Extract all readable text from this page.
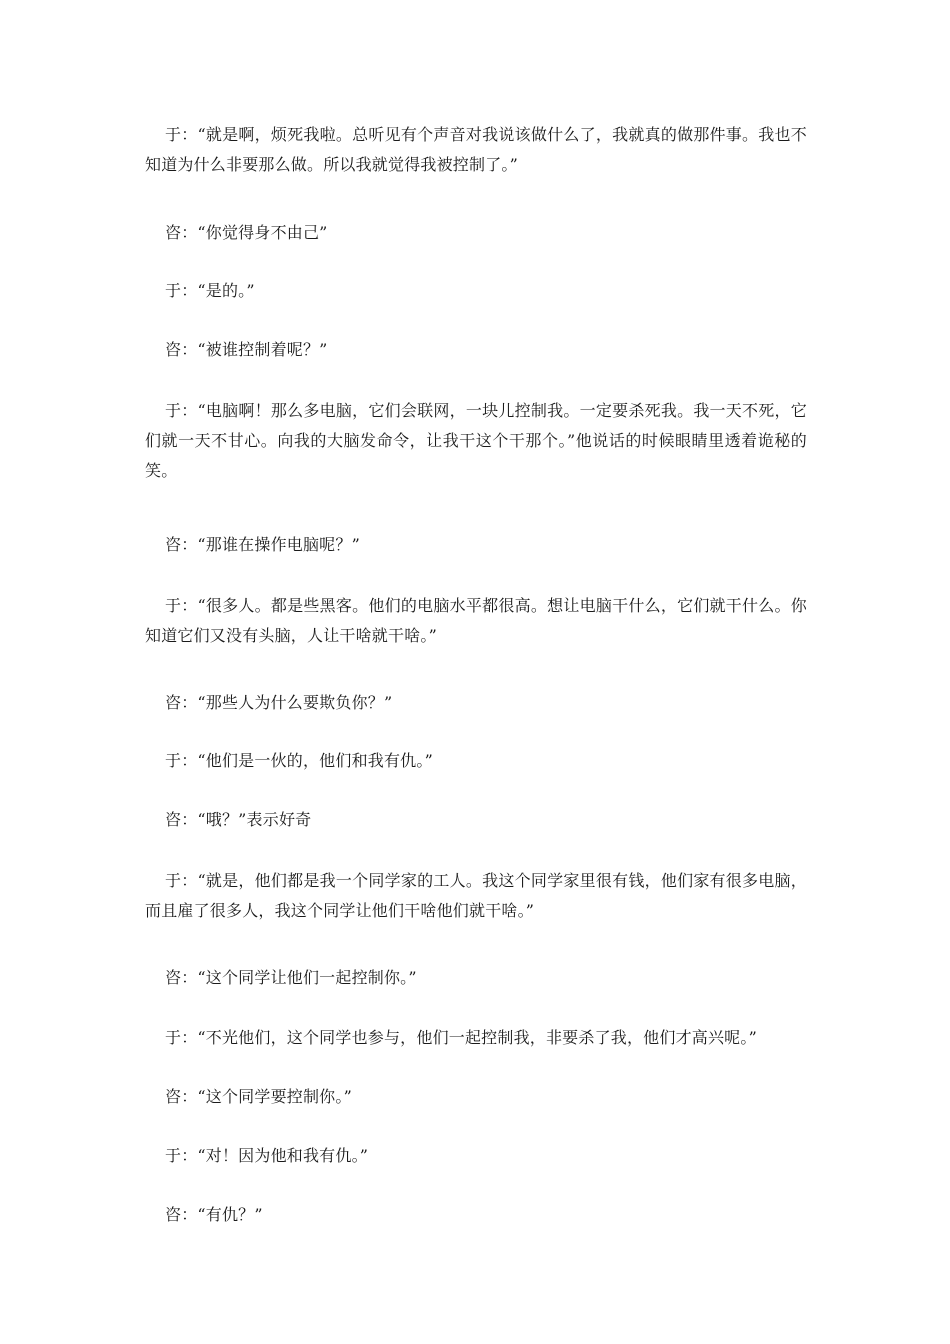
于：“就是啊，烦死我啦。总听见有个声音对我说该做什么了，我就真的做那件事。我也不知道为什么非要那么做。所以我就觉得我被控制了。”

咨：“你觉得身不由己”

于：“是的。”

咨：“被谁控制着呢？”

于：“电脑啊！那么多电脑，它们会联网，一块儿控制我。一定要杀死我。我一天不死，它们就一天不甘心。向我的大脑发命令，让我干这个干那个。”他说话的时候眼睛里透着诡秘的笑。

咨：“那谁在操作电脑呢？”

于：“很多人。都是些黑客。他们的电脑水平都很高。想让电脑干什么，它们就干什么。你知道它们又没有头脑，人让干啥就干啥。”

咨：“那些人为什么要欺负你？”

于：“他们是一伙的，他们和我有仇。”

咨：“哦？”表示好奇

于：“就是，他们都是我一个同学家的工人。我这个同学家里很有钱，他们家有很多电脑，而且雇了很多人，我这个同学让他们干啥他们就干啥。”

咨：“这个同学让他们一起控制你。”

于：“不光他们，这个同学也参与，他们一起控制我，非要杀了我，他们才高兴呢。”

咨：“这个同学要控制你。”

于：“对！因为他和我有仇。”

咨：“有仇？”
